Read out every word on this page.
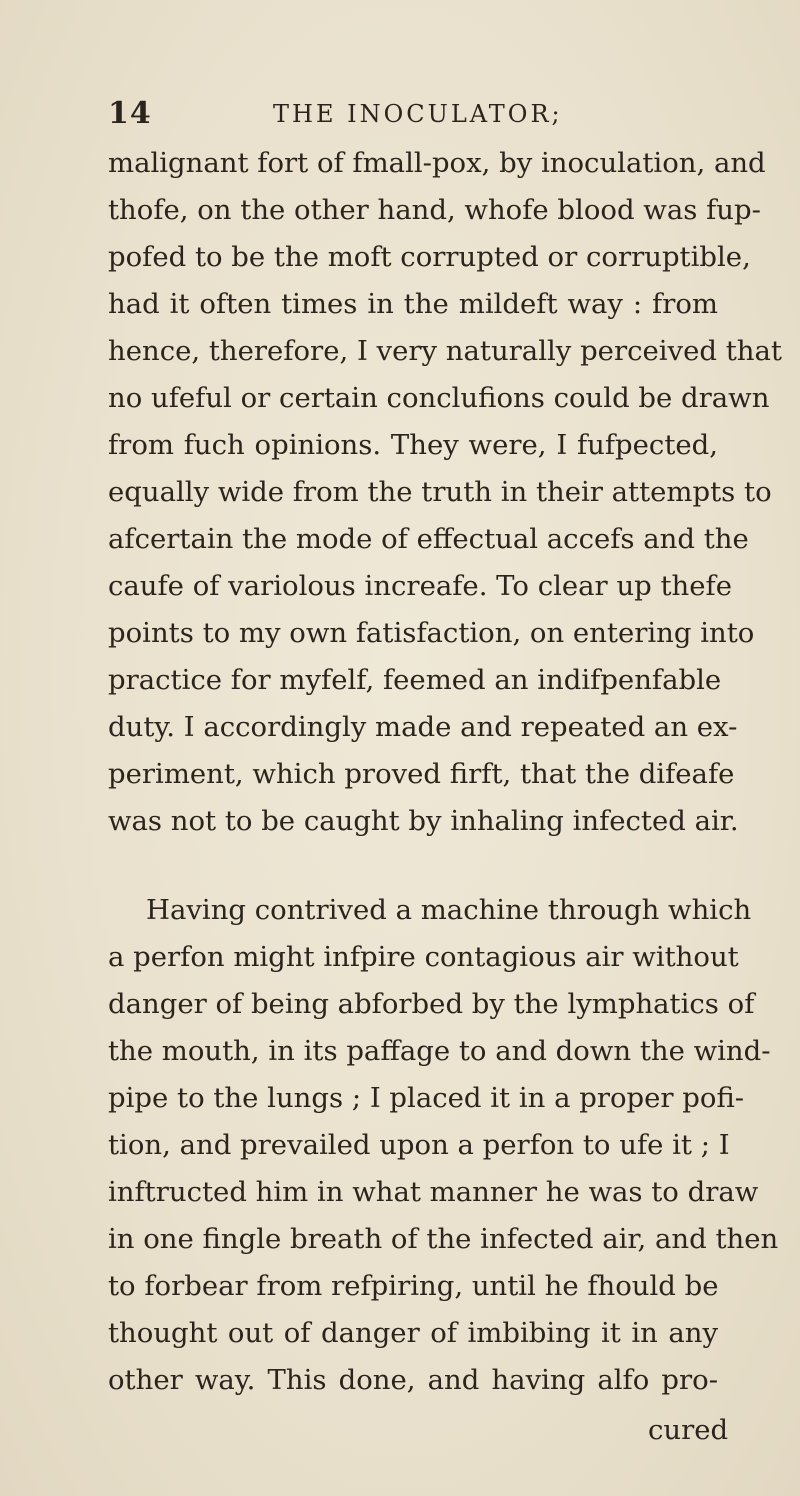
14	THE INOCULATOR;
malignant fort of fmall-pox, by inoculation, and
thofe, on the other hand, whofe blood was fup-
pofed to be the moft corrupted or corruptible,
had it often times in the mildeft way : from
hence, therefore, I very naturally perceived that
no ufeful or certain conclufions could be drawn
from fuch opinions. They were, I fufpected,
equally wide from the truth in their attempts to
afcertain the mode of effectual accefs and the
caufe of variolous increafe. To clear up thefe
points to my own fatisfaction, on entering into
practice for myfelf, feemed an indifpenfable
duty. I accordingly made and repeated an ex-
periment, which proved firft, that the difeafe
was not to be caught by inhaling infected air.
Having contrived a machine through which
a perfon might infpire contagious air without
danger of being abforbed by the lymphatics of
the mouth, in its paffage to and down the wind-
pipe to the lungs ; I placed it in a proper pofi-
tion, and prevailed upon a perfon to ufe it ; I
inftructed him in what manner he was to draw
in one fingle breath of the infected air, and then
to forbear from refpiring, until he fhould be
thought out of danger of imbibing it in any
other way. This done, and having alfo pro-
cured
